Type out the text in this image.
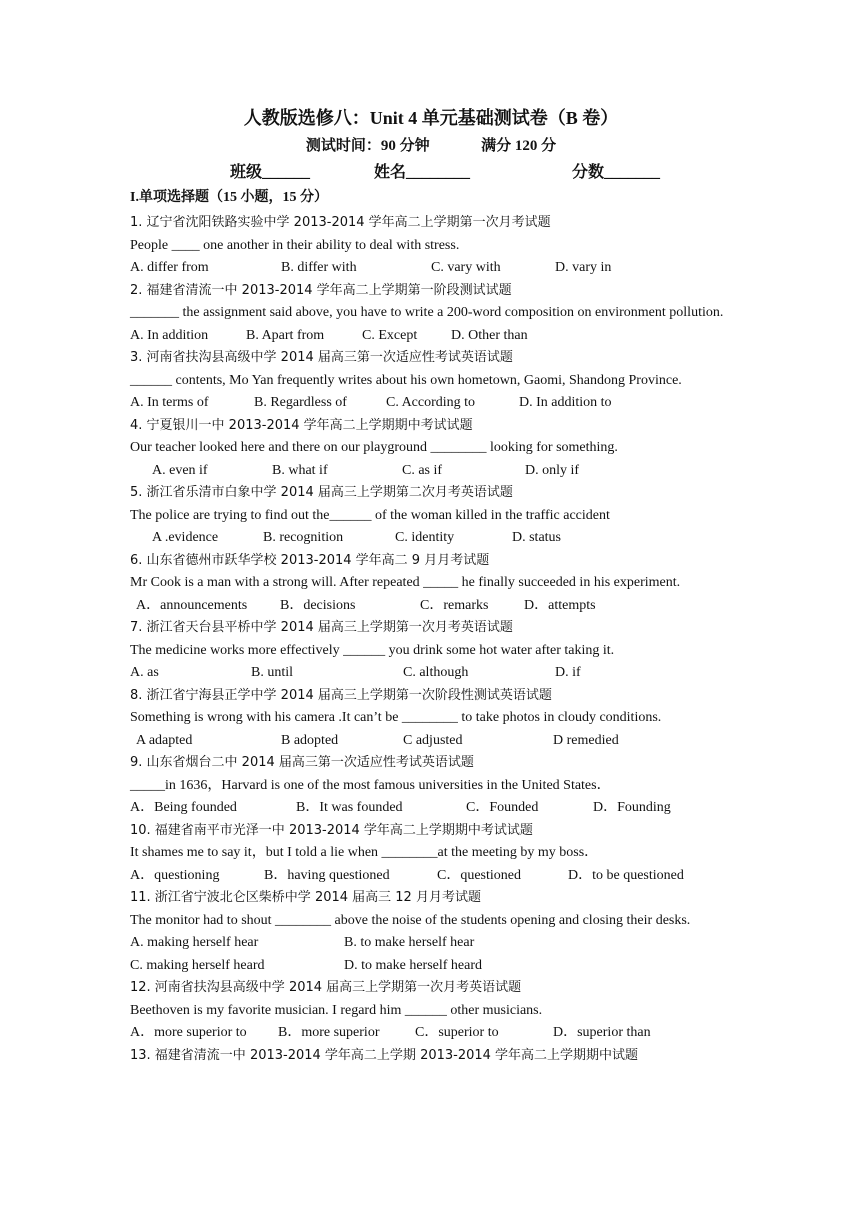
人教版选修八：Unit 4 单元基础测试卷（B 卷）
测试时间：90 分钟	满分 120 分
班级______	姓名________	分数_______
I.单项选择题（15 小题，15 分）
1. 辽宁省沈阳铁路实验中学 2013-2014 学年高二上学期第一次月考试题
People ____ one another in their ability to deal with stress.
A. differ from	B. differ with	C. vary with	D. vary in
2. 福建省清流一中 2013-2014 学年高二上学期第一阶段测试试题
_______ the assignment said above, you have to write a 200-word composition on environment pollution.
A. In addition	B. Apart from	C. Except D. Other than
3. 河南省扶沟县高级中学 2014 届高三第一次适应性考试英语试题
______ contents, Mo Yan frequently writes about his own hometown, Gaomi, Shandong Province.
A. In terms of	B. Regardless of	C. According to	D. In addition to
4. 宁夏银川一中 2013-2014 学年高二上学期期中考试试题
Our teacher looked here and there on our playground ________ looking for something.
A. even if	B. what if	C. as if	D. only if
5. 浙江省乐清市白象中学 2014 届高三上学期第二次月考英语试题
The police are trying to find out the______ of the woman killed in the traffic accident
A .evidence	B. recognition	C. identity	D. status
6. 山东省德州市跃华学校 2013-2014 学年高二 9 月月考试题
Mr Cook is a man with a strong will. After repeated _____ he finally succeeded in his experiment.
A．announcements B．decisions	C．remarks	D．attempts
7. 浙江省天台县平桥中学 2014 届高三上学期第一次月考英语试题
The medicine works more effectively ______ you drink some hot water after taking it.
A. as	B. until	C. although	D. if
8. 浙江省宁海县正学中学 2014 届高三上学期第一次阶段性测试英语试题
Something is wrong with his camera .It can’t be ________ to take photos in cloudy conditions.
A adapted	B adopted	C adjusted	D remedied
9. 山东省烟台二中 2014 届高三第一次适应性考试英语试题
_____in 1636，Harvard is one of the most famous universities in the United States．
A．Being founded	B．It was founded	C．Founded	D．Founding
10. 福建省南平市光泽一中 2013-2014 学年高二上学期期中考试试题
It shames me to say it，but I told a lie when ________at the meeting by my boss．
A．questioning	B．having questioned	C．questioned	D．to be questioned
11. 浙江省宁波北仑区柴桥中学 2014 届高三 12 月月考试题
The monitor had to shout ________ above the noise of the students opening and closing their desks.
A. making herself hear	B. to make herself hear
C. making herself heard	D. to make herself heard
12. 河南省扶沟县高级中学 2014 届高三上学期第一次月考英语试题
Beethoven is my favorite musician. I regard him ______ other musicians.
A．more superior to B．more superior	C．superior to	D．superior than
13. 福建省清流一中 2013-2014 学年高二上学期 2013-2014 学年高二上学期期中试题
